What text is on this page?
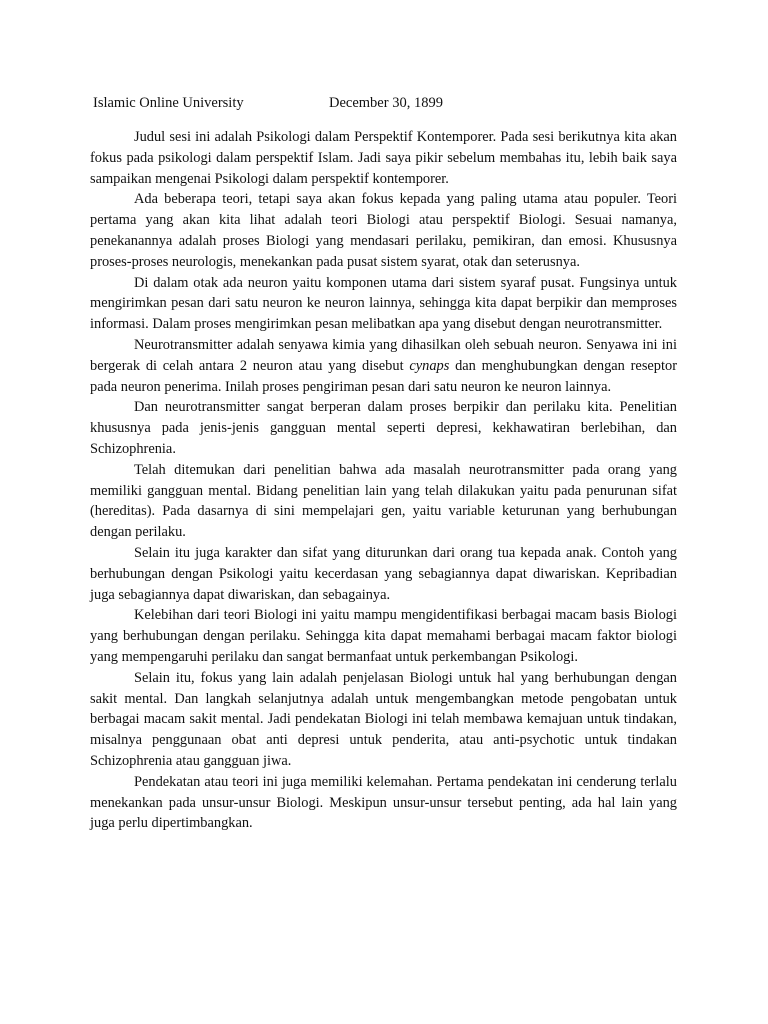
Islamic Online University	December 30, 1899

Judul sesi ini adalah Psikologi dalam Perspektif Kontemporer. Pada sesi berikutnya kita akan fokus pada psikologi dalam perspektif Islam. Jadi saya pikir sebelum membahas itu, lebih baik saya sampaikan mengenai Psikologi dalam perspektif kontemporer.

Ada beberapa teori, tetapi saya akan fokus kepada yang paling utama atau populer. Teori pertama yang akan kita lihat adalah teori Biologi atau perspektif Biologi. Sesuai namanya, penekanannya adalah proses Biologi yang mendasari perilaku, pemikiran, dan emosi. Khususnya proses-proses neurologis, menekankan pada pusat sistem syarat, otak dan seterusnya.

Di dalam otak ada neuron yaitu komponen utama dari sistem syaraf pusat. Fungsinya untuk mengirimkan pesan dari satu neuron ke neuron lainnya, sehingga kita dapat berpikir dan memproses informasi. Dalam proses mengirimkan pesan melibatkan apa yang disebut dengan neurotransmitter.

Neurotransmitter adalah senyawa kimia yang dihasilkan oleh sebuah neuron. Senyawa ini ini bergerak di celah antara 2 neuron atau yang disebut cynaps dan menghubungkan dengan reseptor pada neuron penerima. Inilah proses pengiriman pesan dari satu neuron ke neuron lainnya.

Dan neurotransmitter sangat berperan dalam proses berpikir dan perilaku kita. Penelitian khususnya pada jenis-jenis gangguan mental seperti depresi, kekhawatiran berlebihan, dan Schizophrenia.

Telah ditemukan dari penelitian bahwa ada masalah neurotransmitter pada orang yang memiliki gangguan mental. Bidang penelitian lain yang telah dilakukan yaitu pada penurunan sifat (hereditas). Pada dasarnya di sini mempelajari gen, yaitu variable keturunan yang berhubungan dengan perilaku.

Selain itu juga karakter dan sifat yang diturunkan dari orang tua kepada anak. Contoh yang berhubungan dengan Psikologi yaitu kecerdasan yang sebagiannya dapat diwariskan. Kepribadian juga sebagiannya dapat diwariskan, dan sebagainya.

Kelebihan dari teori Biologi ini yaitu mampu mengidentifikasi berbagai macam basis Biologi yang berhubungan dengan perilaku. Sehingga kita dapat memahami berbagai macam faktor biologi yang mempengaruhi perilaku dan sangat bermanfaat untuk perkembangan Psikologi.

Selain itu, fokus yang lain adalah penjelasan Biologi untuk hal yang berhubungan dengan sakit mental. Dan langkah selanjutnya adalah untuk mengembangkan metode pengobatan untuk berbagai macam sakit mental. Jadi pendekatan Biologi ini telah membawa kemajuan untuk tindakan, misalnya penggunaan obat anti depresi untuk penderita, atau anti-psychotic untuk tindakan Schizophrenia atau gangguan jiwa.

Pendekatan atau teori ini juga memiliki kelemahan. Pertama pendekatan ini cenderung terlalu menekankan pada unsur-unsur Biologi. Meskipun unsur-unsur tersebut penting, ada hal lain yang juga perlu dipertimbangkan.
